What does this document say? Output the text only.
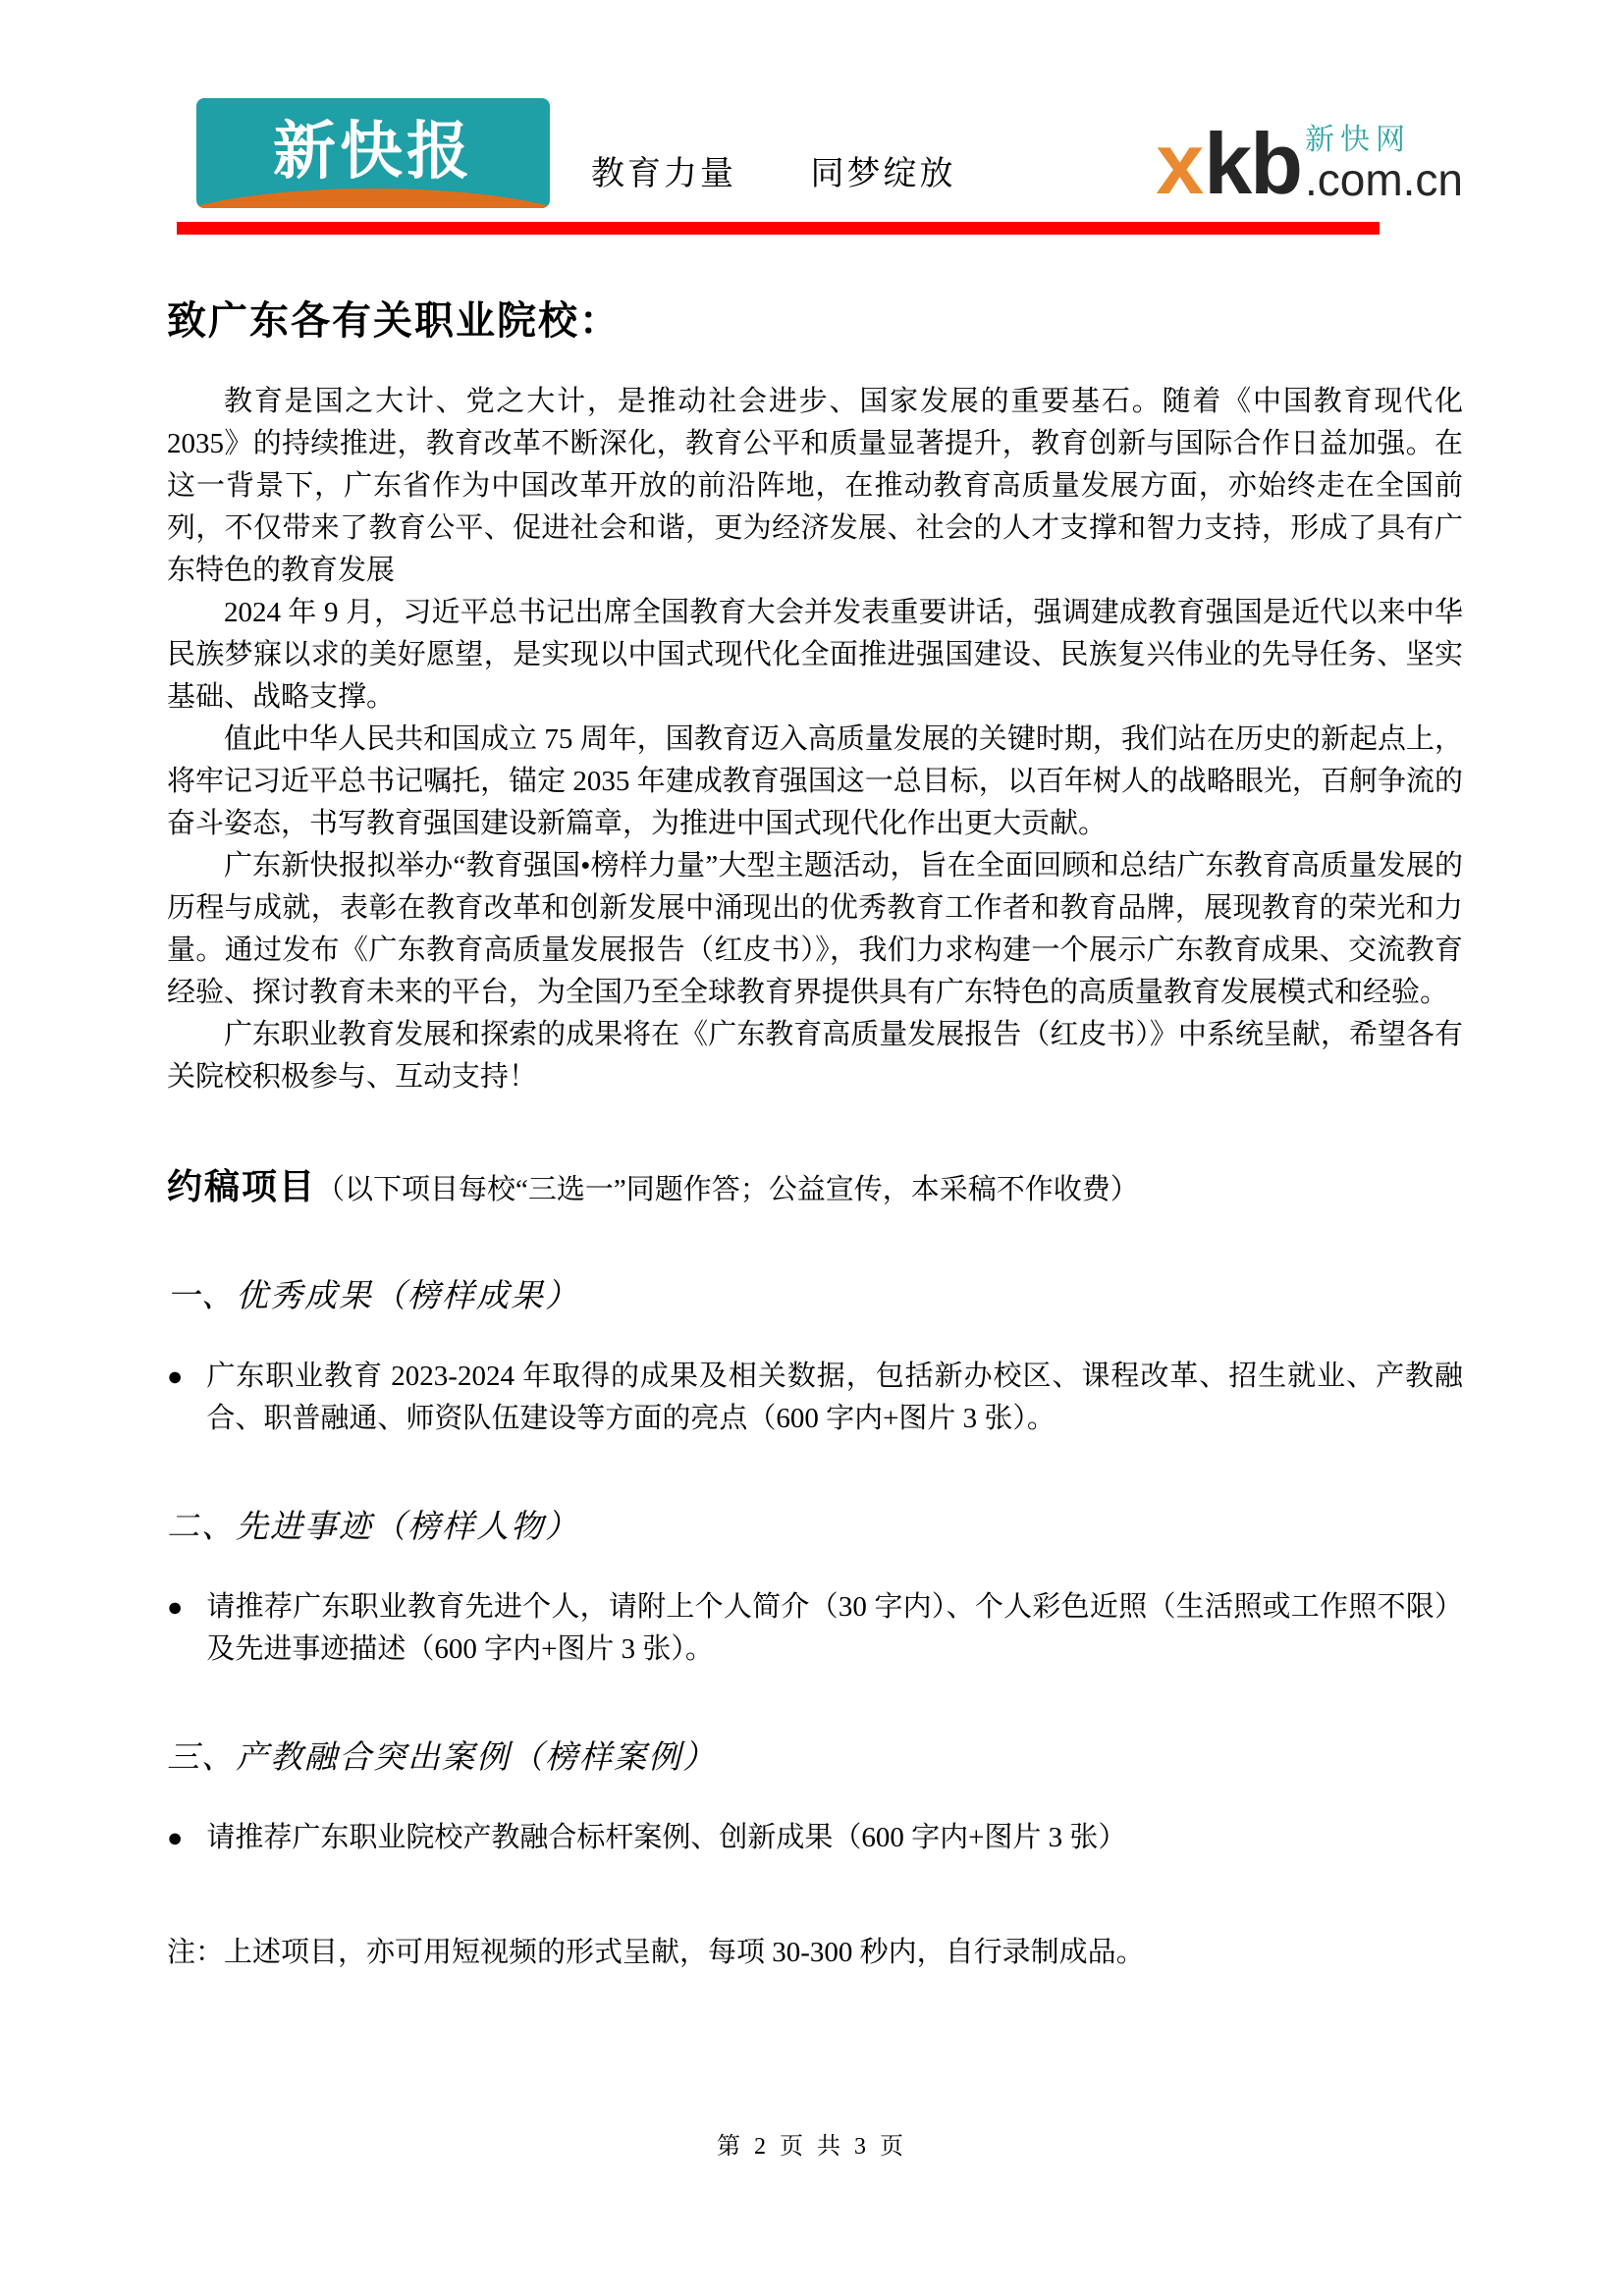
新快报	教育力量 同梦绽放 x kb 新快网
.com.cn
致广东各有关职业院校：

教育是国之大计、党之大计，是推动社会进步、国家发展的重要基石。随着《中国教育现代化 2035》的持续推进，教育改革不断深化，教育公平和质量显著提升，教育创新与国际合作日益加强。在这一背景下，广东省作为中国改革开放的前沿阵地，在推动教育高质量发展方面，亦始终走在全国前列，不仅带来了教育公平、促进社会和谐，更为经济发展、社会的人才支撑和智力支持，形成了具有广东特色的教育发展

2024 年 9 月，习近平总书记出席全国教育大会并发表重要讲话，强调建成教育强国是近代以来中华民族梦寐以求的美好愿望，是实现以中国式现代化全面推进强国建设、民族复兴伟业的先导任务、坚实基础、战略支撑。

值此中华人民共和国成立 75 周年，国教育迈入高质量发展的关键时期，我们站在历史的新起点上，将牢记习近平总书记嘱托，锚定 2035 年建成教育强国这一总目标，以百年树人的战略眼光，百舸争流的奋斗姿态，书写教育强国建设新篇章，为推进中国式现代化作出更大贡献。

广东新快报拟举办“教育强国•榜样力量”大型主题活动，旨在全面回顾和总结广东教育高质量发展的历程与成就，表彰在教育改革和创新发展中涌现出的优秀教育工作者和教育品牌，展现教育的荣光和力量。通过发布《广东教育高质量发展报告（红皮书）》，我们力求构建一个展示广东教育成果、交流教育经验、探讨教育未来的平台，为全国乃至全球教育界提供具有广东特色的高质量教育发展模式和经验。

广东职业教育发展和探索的成果将在《广东教育高质量发展报告（红皮书）》中系统呈献，希望各有关院校积极参与、互动支持！

约稿项目（以下项目每校“三选一”同题作答；公益宣传，本采稿不作收费）
一、优秀成果（榜样成果）
● 广东职业教育 2023-2024 年取得的成果及相关数据，包括新办校区、课程改革、招生就业、产教融合、职普融通、师资队伍建设等方面的亮点（600 字内+图片 3 张）。

二、先进事迹（榜样人物）
● 请推荐广东职业教育先进个人，请附上个人简介（30 字内）、个人彩色近照（生活照或工作照不限）及先进事迹描述（600 字内+图片 3 张）。

三、产教融合突出案例（榜样案例）
● 请推荐广东职业院校产教融合标杆案例、创新成果（600 字内+图片 3 张）

注：上述项目，亦可用短视频的形式呈献，每项 30-300 秒内，自行录制成品。

第 2 页 共 3 页
